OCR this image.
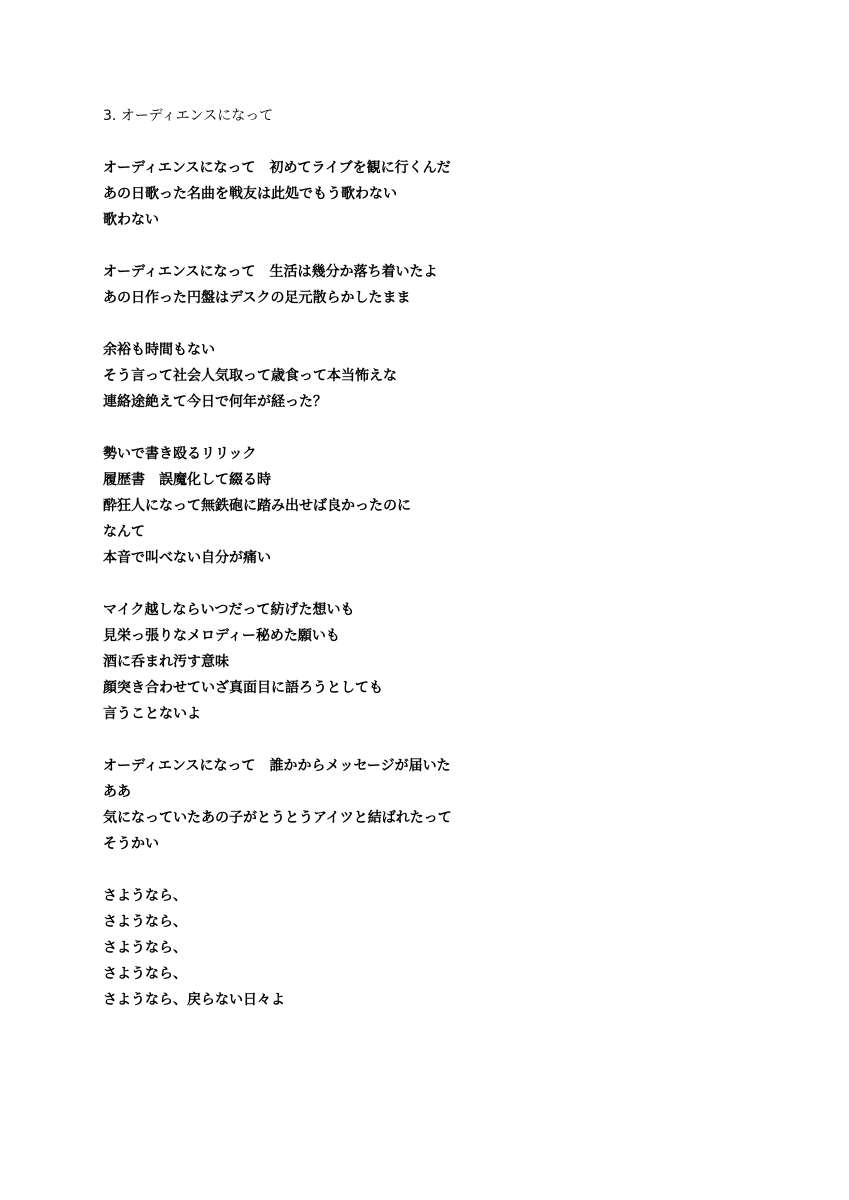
3. オーディエンスになって
オーディエンスになって　初めてライブを観に行くんだ
あの日歌った名曲を戦友は此処でもう歌わない
歌わない
オーディエンスになって　生活は幾分か落ち着いたよ
あの日作った円盤はデスクの足元散らかしたまま
余裕も時間もない
そう言って社会人気取って歳食って本当怖えな
連絡途絶えて今日で何年が経った？
勢いで書き殴るリリック
履歴書　誤魔化して綴る時
酔狂人になって無鉄砲に踏み出せば良かったのに
なんて
本音で叫べない自分が痛い
マイク越しならいつだって紡げた想いも
見栄っ張りなメロディー秘めた願いも
酒に呑まれ汚す意味
顔突き合わせていざ真面目に語ろうとしても
言うことないよ
オーディエンスになって　誰かからメッセージが届いた
ああ
気になっていたあの子がとうとうアイツと結ばれたって
そうかい
さようなら、
さようなら、
さようなら、
さようなら、
さようなら、戻らない日々よ
